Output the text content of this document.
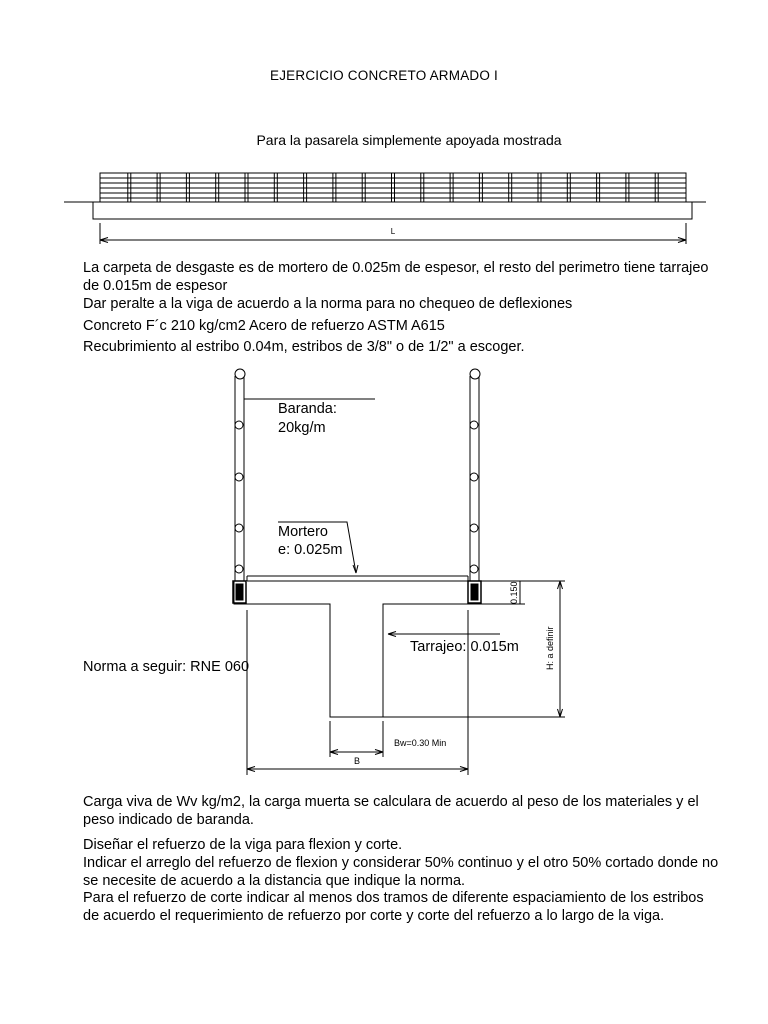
EJERCICIO CONCRETO ARMADO I
Para la pasarela simplemente apoyada mostrada
L
La carpeta de desgaste es de mortero de 0.025m de espesor, el resto del perimetro tiene tarrajeo de 0.015m de espesor
Dar peralte a la viga de acuerdo a la norma para no chequeo de deflexiones
Concreto F´c 210 kg/cm2 Acero de refuerzo ASTM A615
Recubrimiento al estribo 0.04m, estribos de 3/8" o de 1/2" a escoger.
Baranda:
20kg/m
Mortero
e: 0.025m
Tarrajeo: 0.015m
0.150
H: a definir
Bw=0.30 Min
B
Norma a seguir: RNE 060
Carga viva de Wv kg/m2, la carga muerta se calculara de acuerdo al peso de los materiales y el peso indicado de baranda.
Diseñar el refuerzo de la viga para flexion y corte.
Indicar el arreglo del refuerzo de flexion y considerar 50% continuo y el otro 50% cortado donde no se necesite de acuerdo a la distancia que indique la norma.
Para el refuerzo de corte indicar al menos dos tramos de diferente espaciamiento de los estribos de acuerdo el requerimiento de refuerzo por corte y corte del refuerzo a lo largo de la viga.
